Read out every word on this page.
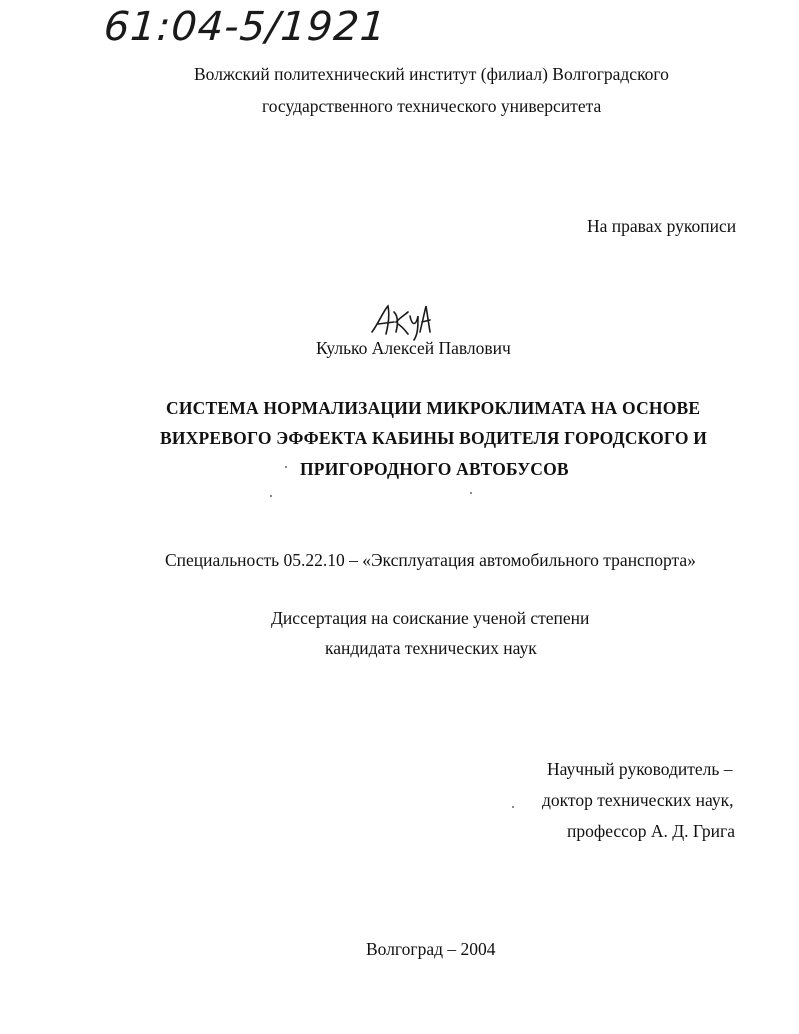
61:04-5/1921
Волжский политехнический институт (филиал) Волгоградского
государственного технического университета
На правах рукописи
Кулько Алексей Павлович
СИСТЕМА НОРМАЛИЗАЦИИ МИКРОКЛИМАТА НА ОСНОВЕ
ВИХРЕВОГО ЭФФЕКТА КАБИНЫ ВОДИТЕЛЯ ГОРОДСКОГО И
ПРИГОРОДНОГО АВТОБУСОВ
Специальность 05.22.10 – «Эксплуатация автомобильного транспорта»
Диссертация на соискание ученой степени
кандидата технических наук
Научный руководитель –
доктор технических наук,
профессор А. Д. Грига
Волгоград – 2004
